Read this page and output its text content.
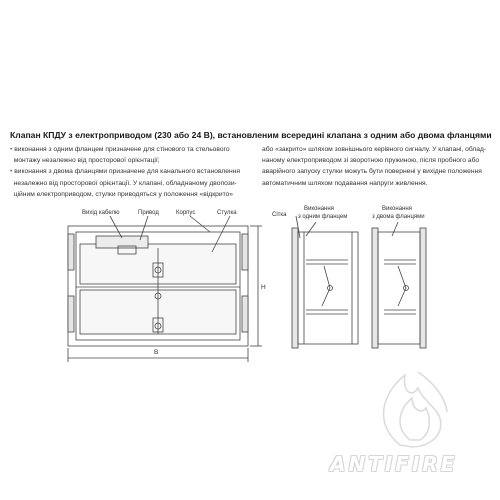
Клапан КПДУ з електроприводом (230 або 24 В), встановленим всередині клапана з одним або двома фланцями

• виконання з одним фланцем призначене для стінового та стельового

монтажу незалежно від просторової орієнтації;

• виконання з двома фланцями призначене для канального встановлення

незалежно від просторової орієнтації. У клапані, обладнаному двопози-

ційним електроприводом, стулки приводяться у положення «відкрито»

або «закрито» шляхом зовнішнього керівного сигналу. У клапані, облад-

наному електроприводом зі зворотною пружиною, після пробного або

аварійного запуску стулки можуть бути повернені у вихідне положення

автоматичним шляхом подавання напруги живлення.

Вихід кабелю	Привод	Корпус	Стулка
H
B
Сітка
Виконання
з одним фланцем
Виконання
з двома фланцями
ANTIFIRE
